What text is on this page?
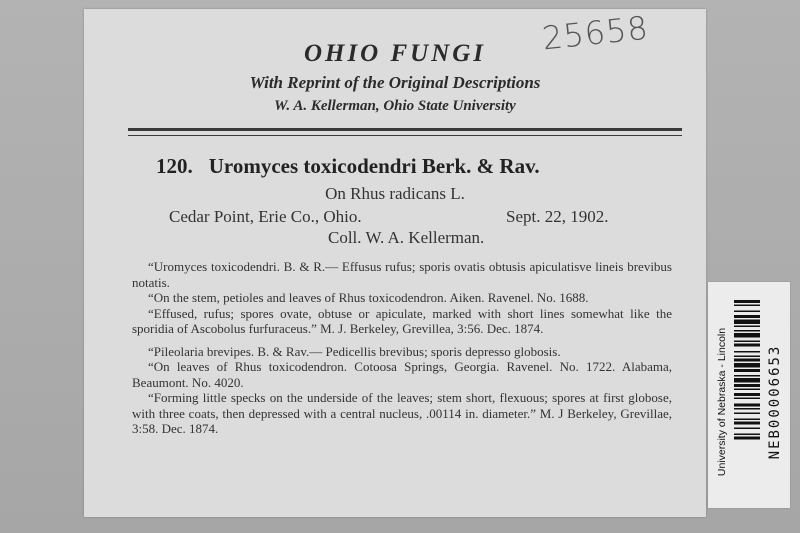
OHIO FUNGI
With Reprint of the Original Descriptions
W. A. Kellerman, Ohio State University
120. Uromyces toxicodendri Berk. & Rav.
On Rhus radicans L.
Cedar Point, Erie Co., Ohio.	Sept. 22, 1902.
Coll. W. A. Kellerman.

“Uromyces toxicodendri. B. & R.— Effusus rufus; sporis ovatis obtusis apiculatisve lineis brevibus notatis.

“On the stem, petioles and leaves of Rhus toxicodendron. Aiken. Ravenel. No. 1688.

“Effused, rufus; spores ovate, obtuse or apiculate, marked with short lines somewhat like the sporidia of Ascobolus furfuraceus.” M. J. Berkeley, Grevillea, 3:56. Dec. 1874.

“Pileolaria brevipes. B. & Rav.— Pedicellis brevibus; sporis depresso globosis.

“On leaves of Rhus toxicodendron. Cotoosa Springs, Georgia. Ravenel. No. 1722. Alabama, Beaumont. No. 4020.

“Forming little specks on the underside of the leaves; stem short, flexuous; spores at first globose, with three coats, then depressed with a central nucleus, .00114 in. diameter.” M. J Berkeley, Grevillae, 3:58. Dec. 1874.

25658
University of Nebraska - Lincoln	NEB00006653
